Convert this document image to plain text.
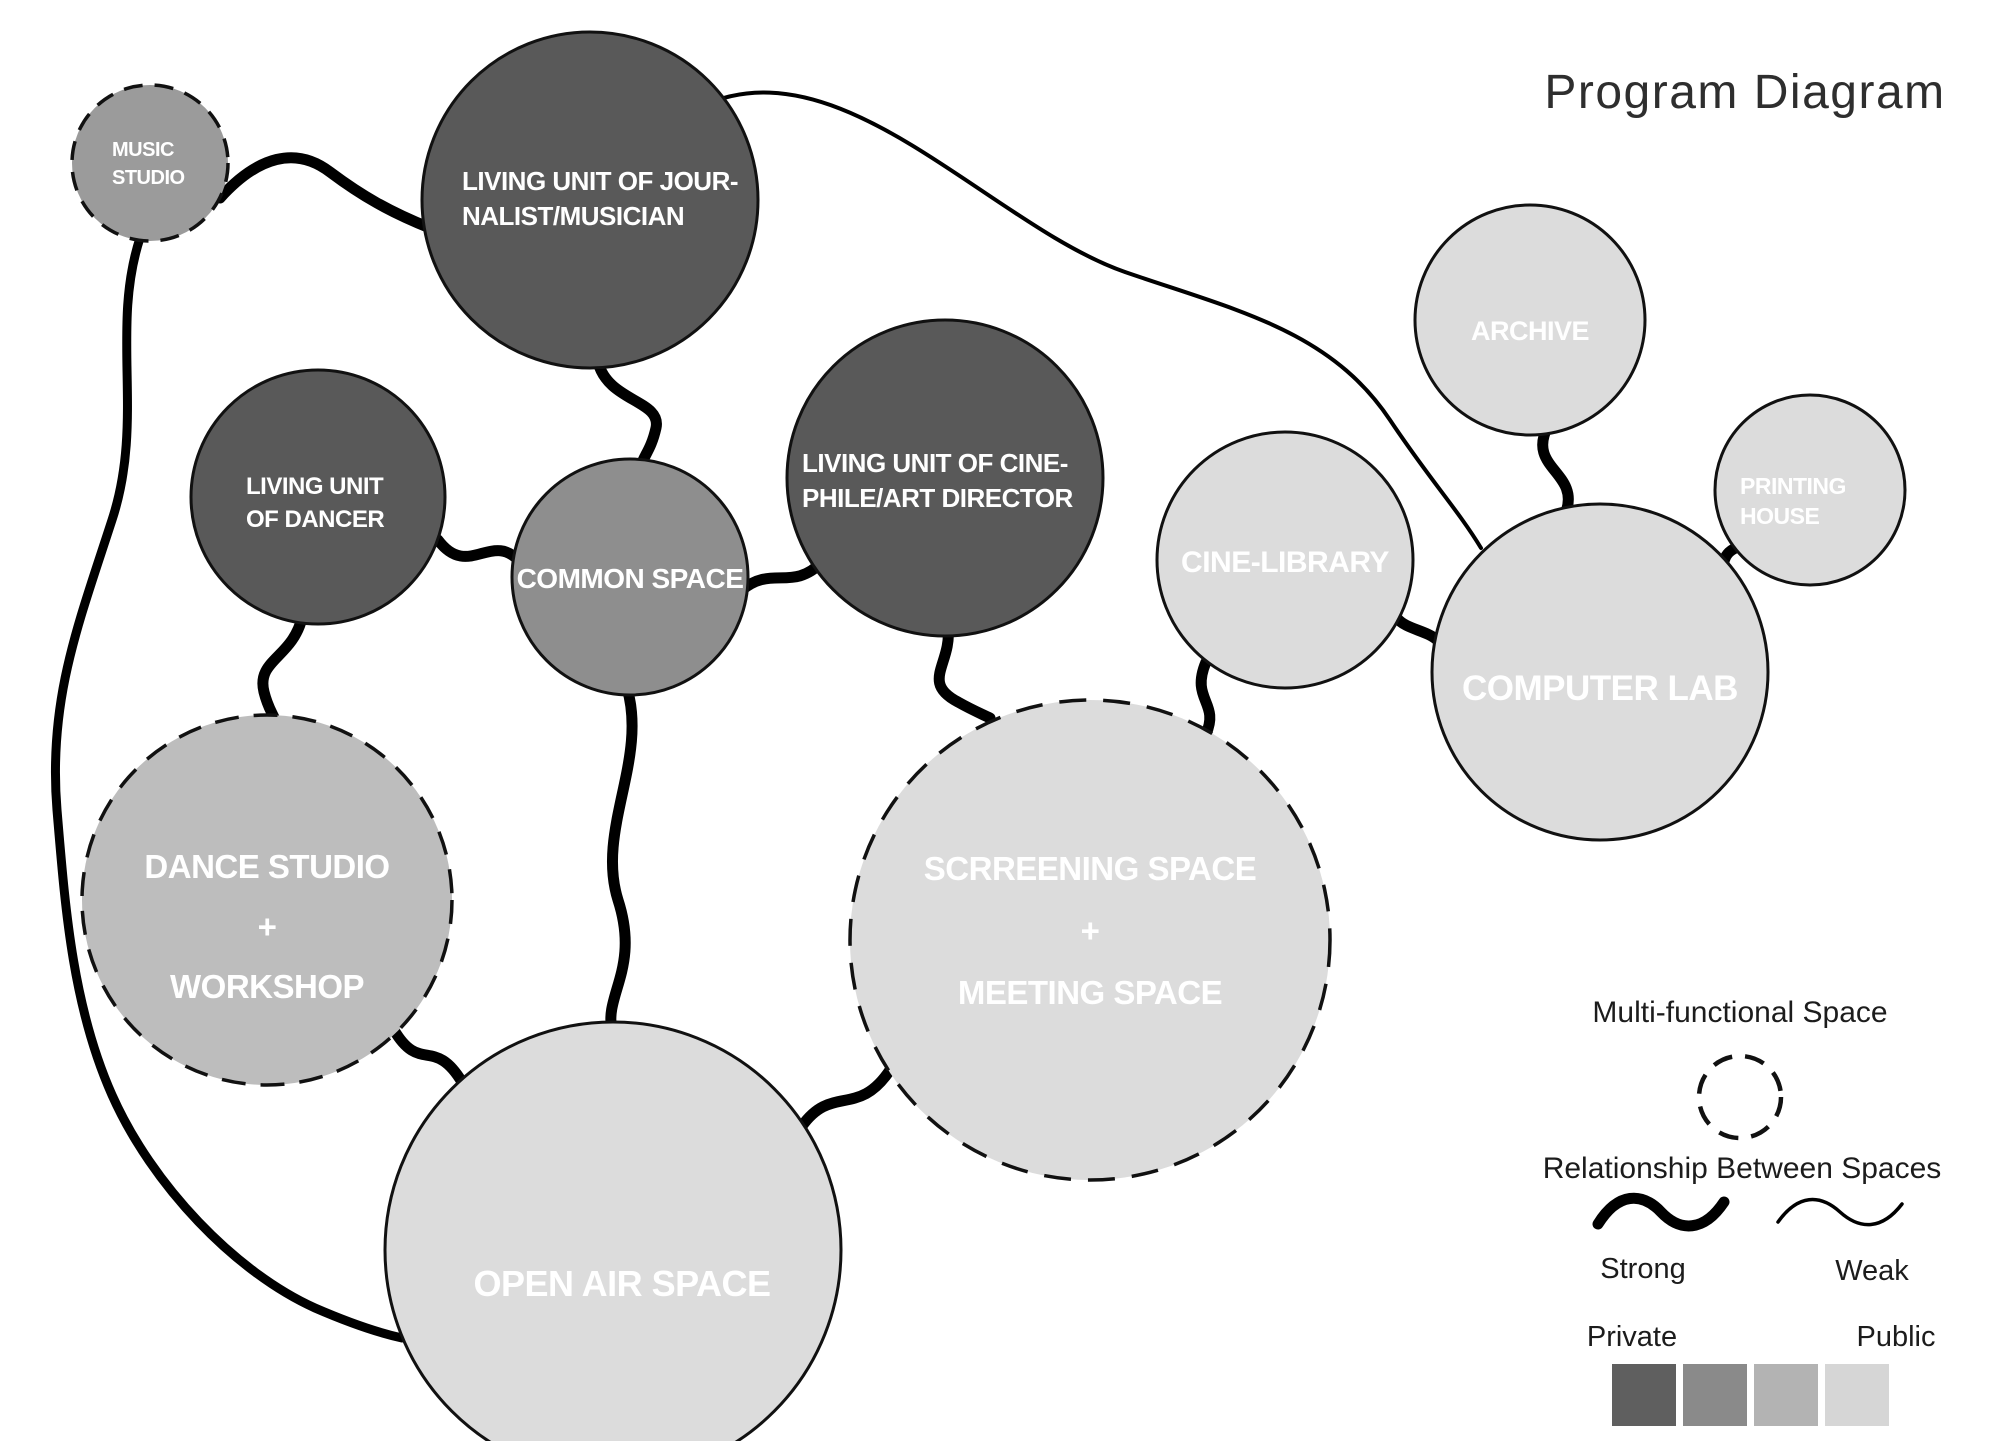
MUSIC
STUDIO	LIVING UNIT OF JOUR-
NALIST/MUSICIAN
LIVING UNIT
OF DANCER
COMMON SPACE
LIVING UNIT OF CINE-
PHILE/ART DIRECTOR
CINE-LIBRARY
ARCHIVE
PRINTING
HOUSE
COMPUTER LAB
DANCE STUDIO
+
WORKSHOP
SCRREENING SPACE
+
MEETING SPACE
OPEN AIR SPACE
Program Diagram
Multi-functional Space
Relationship Between Spaces
Strong	Weak
Private	Public
